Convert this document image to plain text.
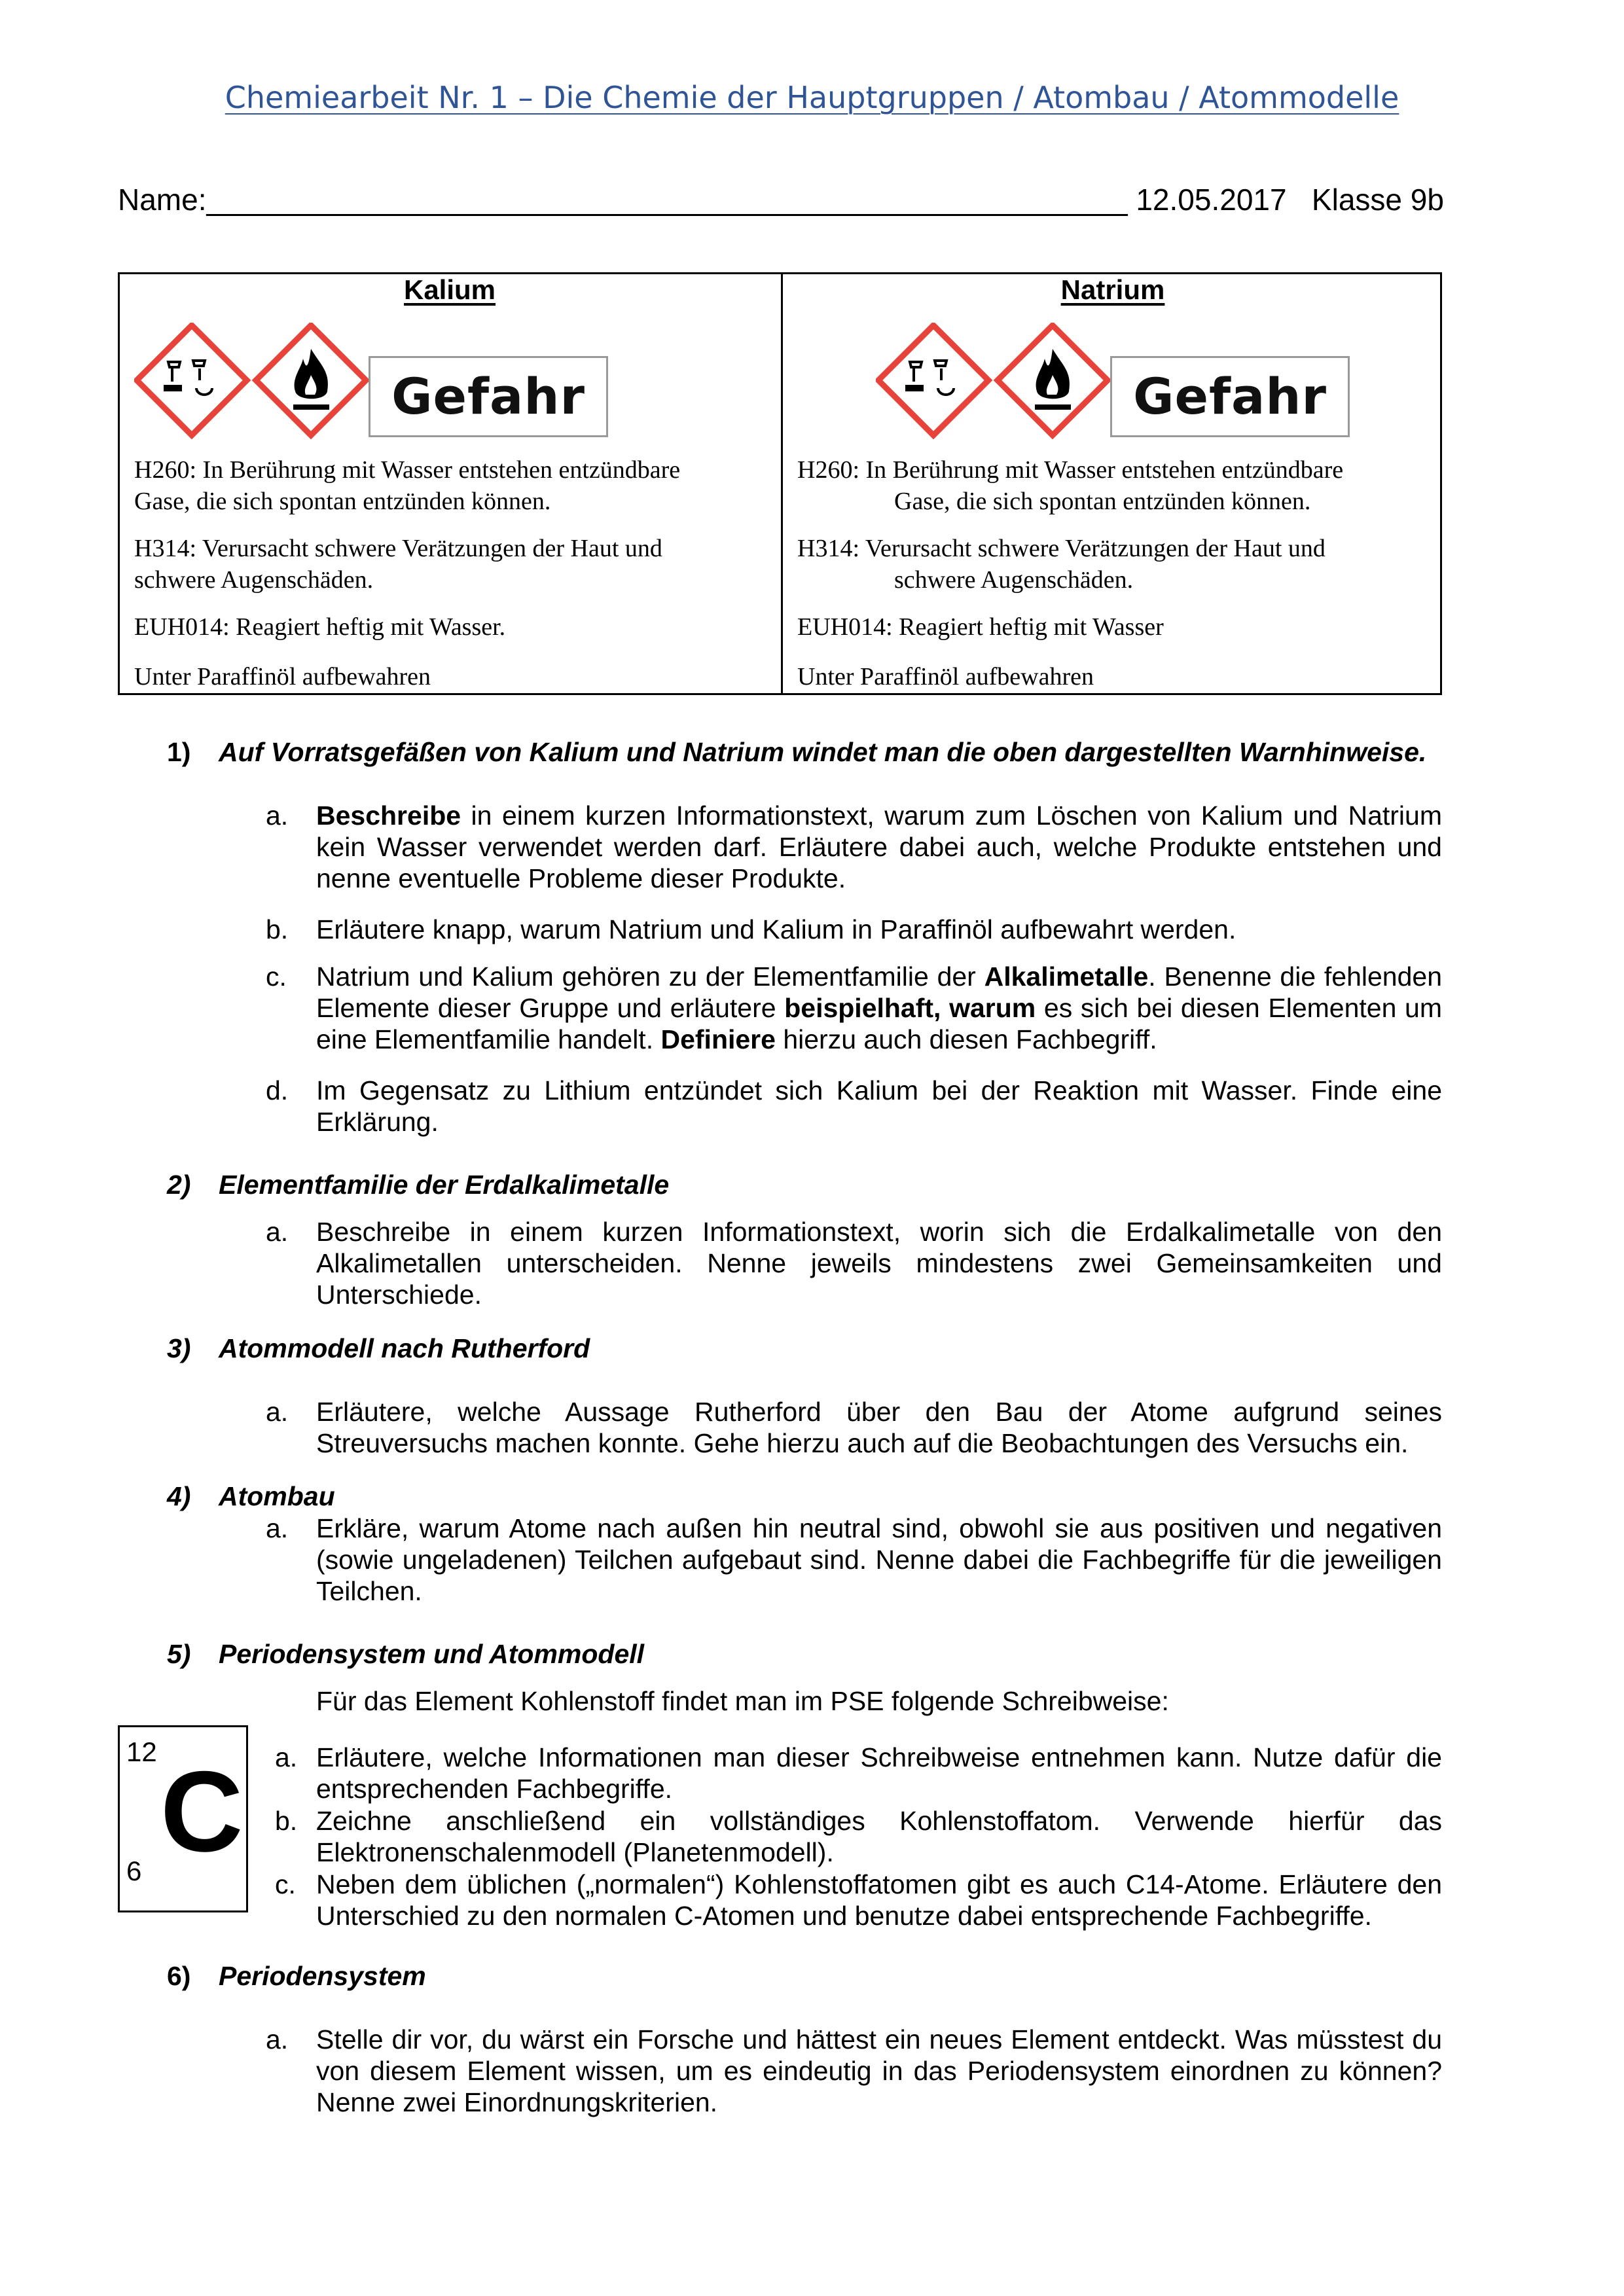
Chemiearbeit Nr. 1 – Die Chemie der Hauptgruppen / Atombau / Atommodelle
Name:_______________________________________________________ 12.05.2017 Klasse 9b
Kalium
Gefahr
H260: In Berührung mit Wasser entstehen entzündbare
Gase, die sich spontan entzünden können.
H314: Verursacht schwere Verätzungen der Haut und
schwere Augenschäden.
EUH014: Reagiert heftig mit Wasser.
Unter Paraffinöl aufbewahren
Natrium
Gefahr
H260: In Berührung mit Wasser entstehen entzündbare
Gase, die sich spontan entzünden können.
H314: Verursacht schwere Verätzungen der Haut und
schwere Augenschäden.
EUH014: Reagiert heftig mit Wasser
Unter Paraffinöl aufbewahren
1) Auf Vorratsgefäßen von Kalium und Natrium windet man die oben dargestellten Warnhinweise.
a. Beschreibe in einem kurzen Informationstext, warum zum Löschen von Kalium und Natrium kein Wasser verwendet werden darf. Erläutere dabei auch, welche Produkte entstehen und nenne eventuelle Probleme dieser Produkte.
b. Erläutere knapp, warum Natrium und Kalium in Paraffinöl aufbewahrt werden.
c. Natrium und Kalium gehören zu der Elementfamilie der Alkalimetalle. Benenne die fehlenden Elemente dieser Gruppe und erläutere beispielhaft, warum es sich bei diesen Elementen um eine Elementfamilie handelt. Definiere hierzu auch diesen Fachbegriff.
d. Im Gegensatz zu Lithium entzündet sich Kalium bei der Reaktion mit Wasser. Finde eine Erklärung.
2) Elementfamilie der Erdalkalimetalle
a. Beschreibe in einem kurzen Informationstext, worin sich die Erdalkalimetalle von den Alkalimetallen unterscheiden. Nenne jeweils mindestens zwei Gemeinsamkeiten und Unterschiede.
3) Atommodell nach Rutherford
a. Erläutere, welche Aussage Rutherford über den Bau der Atome aufgrund seines Streuversuchs machen konnte. Gehe hierzu auch auf die Beobachtungen des Versuchs ein.
4) Atombau
a. Erkläre, warum Atome nach außen hin neutral sind, obwohl sie aus positiven und negativen (sowie ungeladenen) Teilchen aufgebaut sind. Nenne dabei die Fachbegriffe für die jeweiligen Teilchen.
5) Periodensystem und Atommodell
Für das Element Kohlenstoff findet man im PSE folgende Schreibweise:
a. Erläutere, welche Informationen man dieser Schreibweise entnehmen kann. Nutze dafür die entsprechenden Fachbegriffe.
b. Zeichne anschließend ein vollständiges Kohlenstoffatom. Verwende hierfür das Elektronenschalenmodell (Planetenmodell).
c. Neben dem üblichen („normalen“) Kohlenstoffatomen gibt es auch C14-Atome. Erläutere den Unterschied zu den normalen C-Atomen und benutze dabei entsprechende Fachbegriffe.
6) Periodensystem
a. Stelle dir vor, du wärst ein Forsche und hättest ein neues Element entdeckt. Was müsstest du von diesem Element wissen, um es eindeutig in das Periodensystem einordnen zu können? Nenne zwei Einordnungskriterien.
12 C
6
